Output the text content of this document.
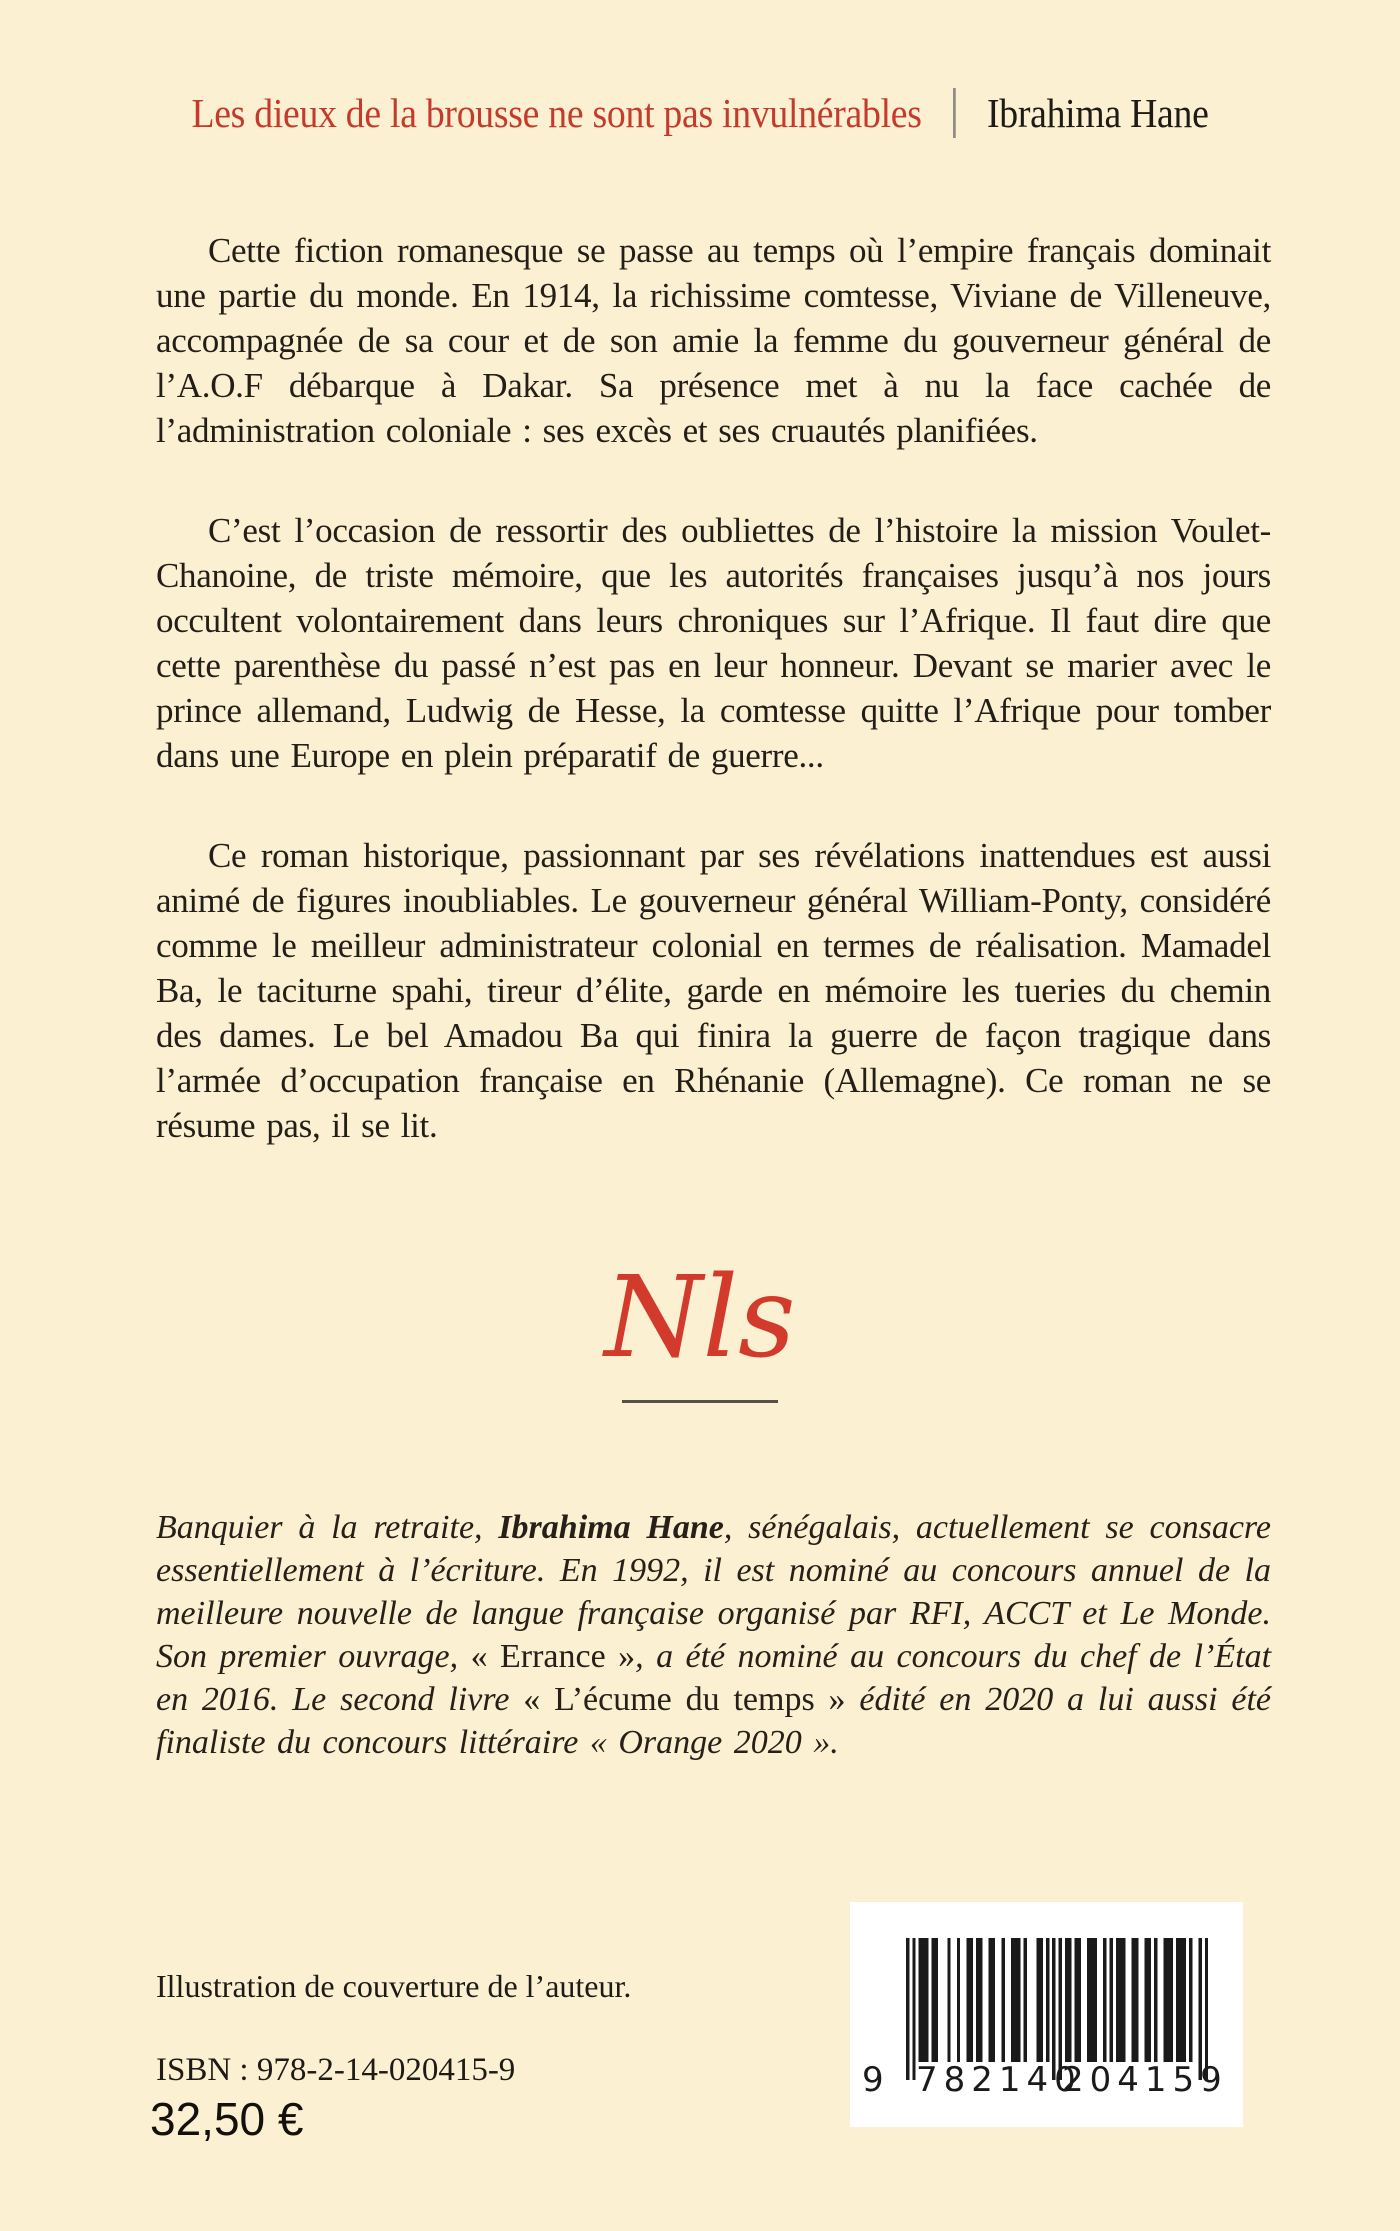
Les dieux de la brousse ne sont pas invulnérables Ibrahima Hane

Cette fiction romanesque se passe au temps où l’empire français dominait une partie du monde. En 1914, la richissime comtesse, Viviane de Villeneuve, accompagnée de sa cour et de son amie la femme du gouverneur général de l’A.O.F débarque à Dakar. Sa présence met à nu la face cachée de l’administration coloniale : ses excès et ses cruautés planifiées.

C’est l’occasion de ressortir des oubliettes de l’histoire la mission Voulet-Chanoine, de triste mémoire, que les autorités françaises jusqu’à nos jours occultent volontairement dans leurs chroniques sur l’Afrique. Il faut dire que cette parenthèse du passé n’est pas en leur honneur. Devant se marier avec le prince allemand, Ludwig de Hesse, la comtesse quitte l’Afrique pour tomber dans une Europe en plein préparatif de guerre...

Ce roman historique, passionnant par ses révélations inattendues est aussi animé de figures inoubliables. Le gouverneur général William-Ponty, considéré comme le meilleur administrateur colonial en termes de réalisation. Mamadel Ba, le taciturne spahi, tireur d’élite, garde en mémoire les tueries du chemin des dames. Le bel Amadou Ba qui finira la guerre de façon tragique dans l’armée d’occupation française en Rhénanie (Allemagne). Ce roman ne se résume pas, il se lit.

Nls
Banquier à la retraite, Ibrahima Hane, sénégalais, actuellement se consacre essentiellement à l’écriture. En 1992, il est nominé au concours annuel de la meilleure nouvelle de langue française organisé par RFI, ACCT et Le Monde. Son premier ouvrage, « Errance », a été nominé au concours du chef de l’État en 2016. Le second livre « L’écume du temps » édité en 2020 a lui aussi été finaliste du concours littéraire « Orange 2020 ».
Illustration de couverture de l’auteur.
ISBN : 978-2-14-020415-9
32,50 €
9 782140
204159
